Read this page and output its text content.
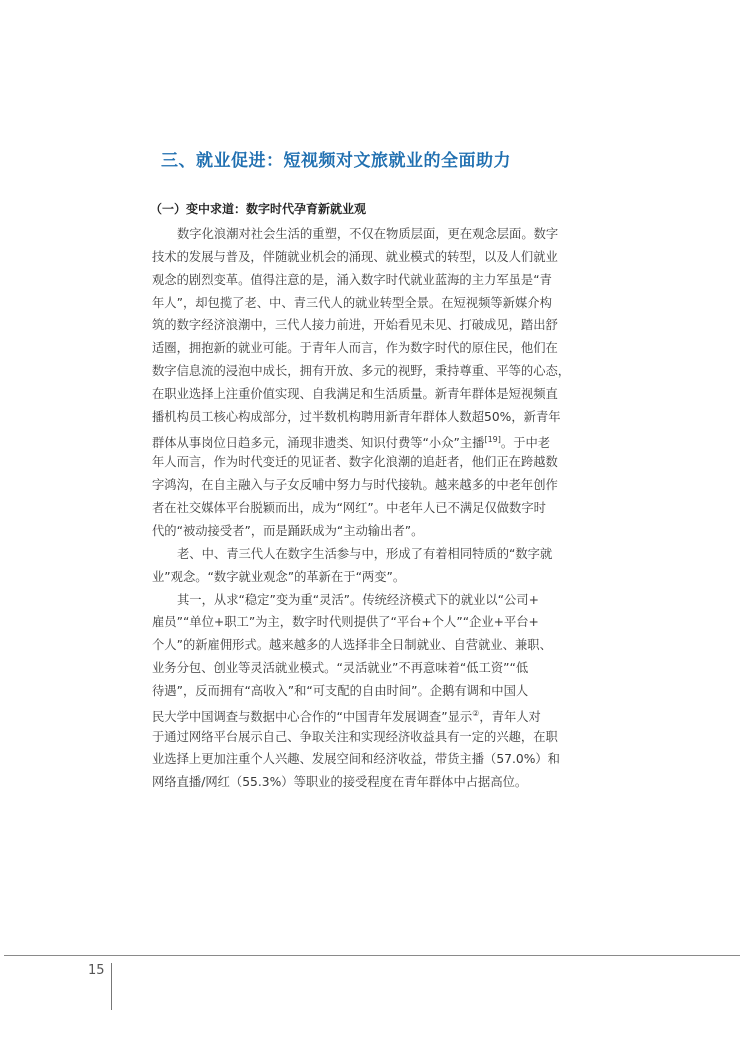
三、就业促进：短视频对文旅就业的全面助力
（一）变中求道：数字时代孕育新就业观
数字化浪潮对社会生活的重塑，不仅在物质层面，更在观念层面。数字
技术的发展与普及，伴随就业机会的涌现、就业模式的转型，以及人们就业
观念的剧烈变革。值得注意的是，涌入数字时代就业蓝海的主力军虽是“青
年人”，却包揽了老、中、青三代人的就业转型全景。在短视频等新媒介构
筑的数字经济浪潮中，三代人接力前进，开始看见未见、打破成见，踏出舒
适圈，拥抱新的就业可能。于青年人而言，作为数字时代的原住民，他们在
数字信息流的浸泡中成长，拥有开放、多元的视野，秉持尊重、平等的心态，
在职业选择上注重价值实现、自我满足和生活质量。新青年群体是短视频直
播机构员工核心构成部分，过半数机构聘用新青年群体人数超50%，新青年
群体从事岗位日趋多元，涌现非遗类、知识付费等“小众”主播[19]。于中老
年人而言，作为时代变迁的见证者、数字化浪潮的追赶者，他们正在跨越数
字鸿沟，在自主融入与子女反哺中努力与时代接轨。越来越多的中老年创作
者在社交媒体平台脱颖而出，成为“网红”。中老年人已不满足仅做数字时
代的“被动接受者”，而是踊跃成为“主动输出者”。
老、中、青三代人在数字生活参与中，形成了有着相同特质的“数字就
业”观念。“数字就业观念”的革新在于“两变”。
其一，从求“稳定”变为重“灵活”。传统经济模式下的就业以“公司+
雇员”“单位+职工”为主，数字时代则提供了“平台+个人”“企业+平台+
个人”的新雇佣形式。越来越多的人选择非全日制就业、自营就业、兼职、
业务分包、创业等灵活就业模式。“灵活就业”不再意味着“低工资”“低
待遇”，反而拥有“高收入”和“可支配的自由时间”。企鹅有调和中国人
民大学中国调查与数据中心合作的“中国青年发展调查”显示②，青年人对
于通过网络平台展示自己、争取关注和实现经济收益具有一定的兴趣，在职
业选择上更加注重个人兴趣、发展空间和经济收益，带货主播（57.0%）和
网络直播/网红（55.3%）等职业的接受程度在青年群体中占据高位。
15
